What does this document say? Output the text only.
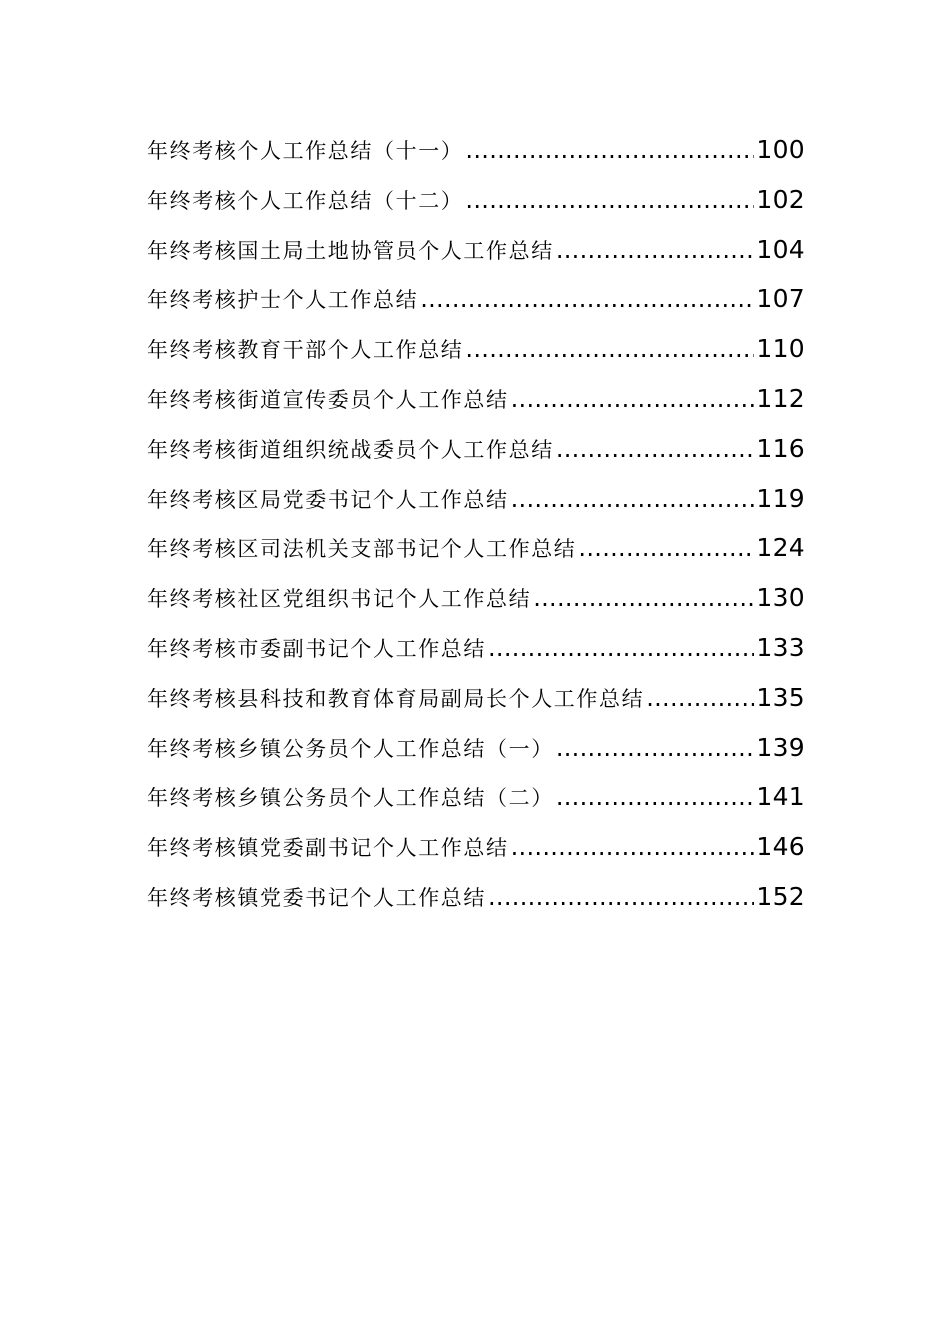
年终考核个人工作总结（十一） .....	100
年终考核个人工作总结（十二） .....	102
年终考核国土局土地协管员个人工作总结 .....	104
年终考核护士个人工作总结 .....	107
年终考核教育干部个人工作总结 .....	110
年终考核街道宣传委员个人工作总结 .....	112
年终考核街道组织统战委员个人工作总结 .....	116
年终考核区局党委书记个人工作总结 .....	119
年终考核区司法机关支部书记个人工作总结 .....	124
年终考核社区党组织书记个人工作总结 .....	130
年终考核市委副书记个人工作总结 .....	133
年终考核县科技和教育体育局副局长个人工作总结 .....	135
年终考核乡镇公务员个人工作总结（一） .....	139
年终考核乡镇公务员个人工作总结（二） .....	141
年终考核镇党委副书记个人工作总结 .....	146
年终考核镇党委书记个人工作总结 .....	152
